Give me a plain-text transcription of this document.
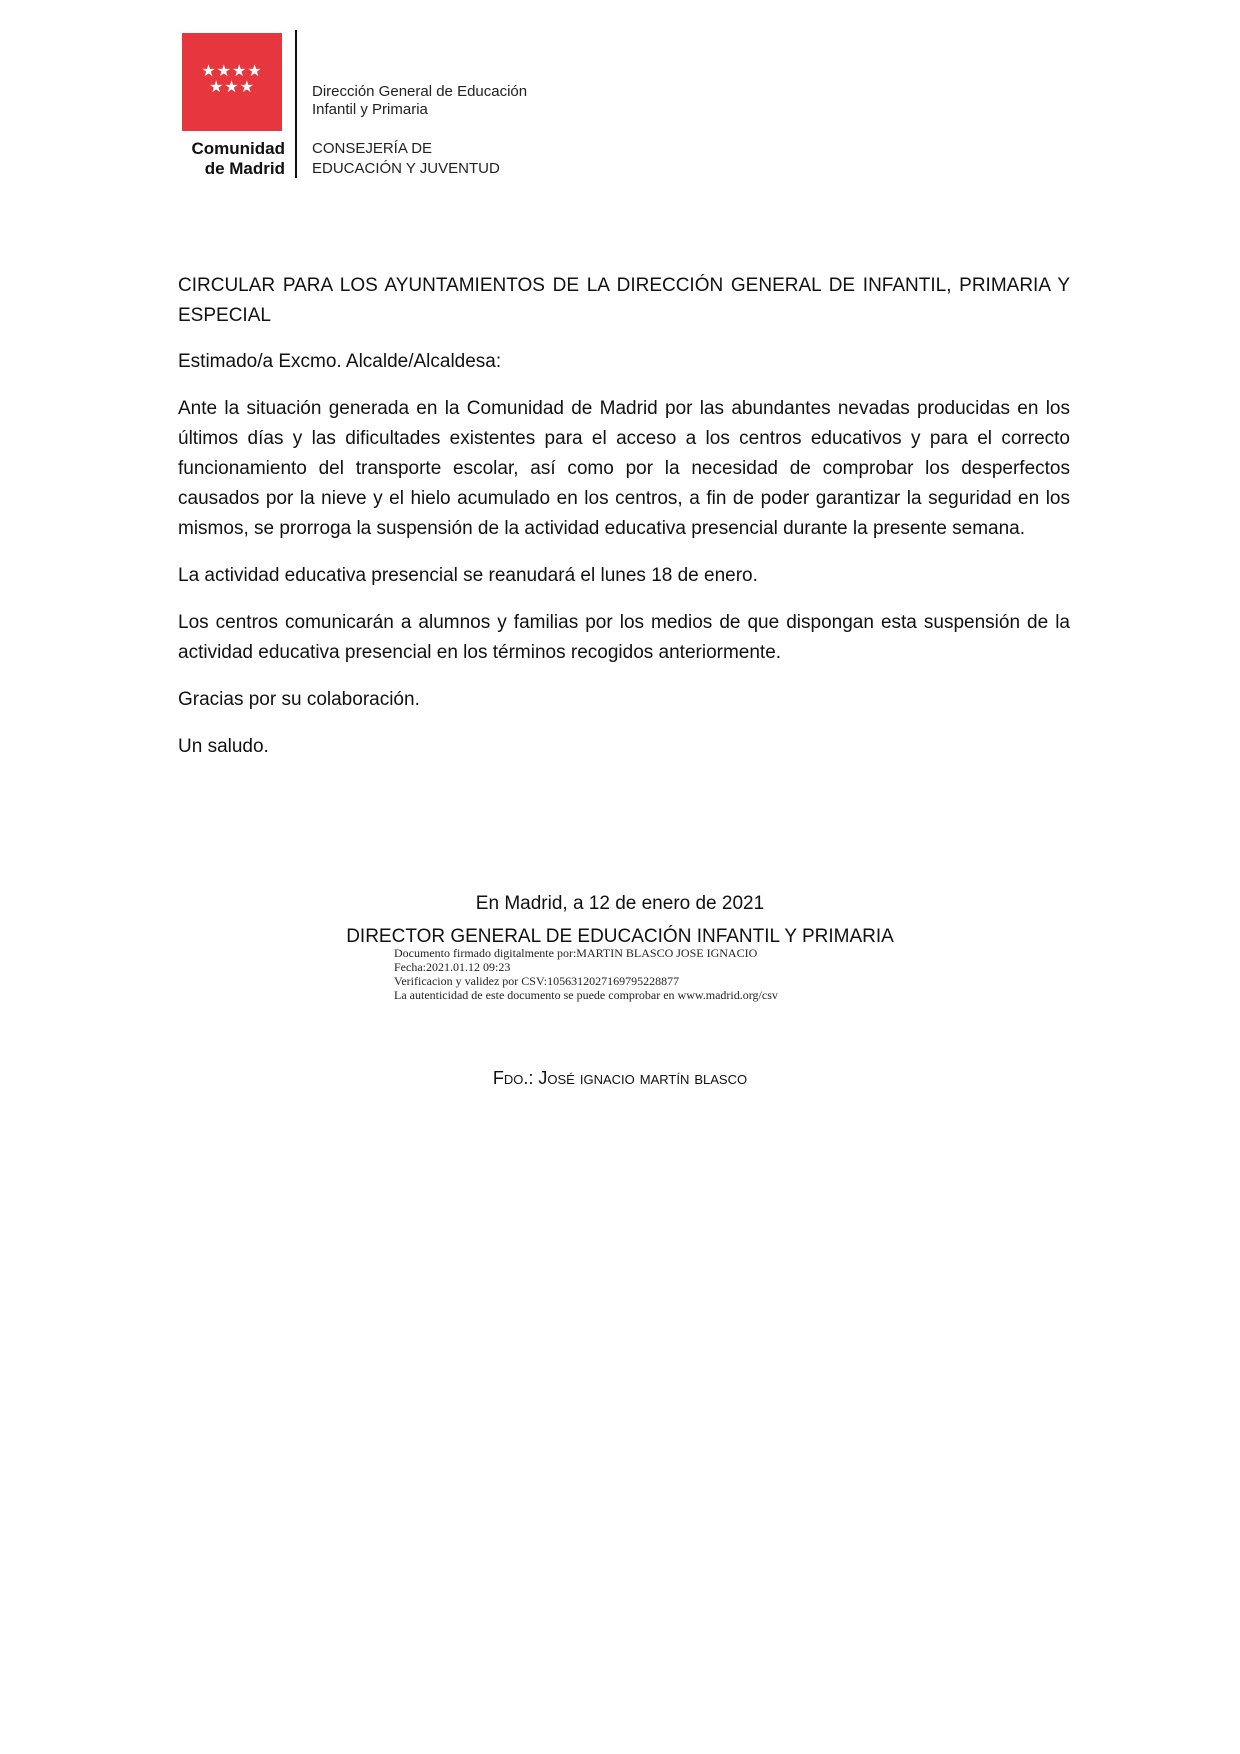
★★★★
★★★
Comunidad
de Madrid
Dirección General de Educación
Infantil y Primaria
CONSEJERÍA DE
EDUCACIÓN Y JUVENTUD

CIRCULAR PARA LOS AYUNTAMIENTOS DE LA DIRECCIÓN GENERAL DE INFANTIL, PRIMARIA Y ESPECIAL

Estimado/a Excmo. Alcalde/Alcaldesa:

Ante la situación generada en la Comunidad de Madrid por las abundantes nevadas producidas en los últimos días y las dificultades existentes para el acceso a los centros educativos y para el correcto funcionamiento del transporte escolar, así como por la necesidad de comprobar los desperfectos causados por la nieve y el hielo acumulado en los centros, a fin de poder garantizar la seguridad en los mismos, se prorroga la suspensión de la actividad educativa presencial durante la presente semana.

La actividad educativa presencial se reanudará el lunes 18 de enero.

Los centros comunicarán a alumnos y familias por los medios de que dispongan esta suspensión de la actividad educativa presencial en los términos recogidos anteriormente.

Gracias por su colaboración.

Un saludo.

En Madrid, a 12 de enero de 2021
DIRECTOR GENERAL DE EDUCACIÓN INFANTIL Y PRIMARIA
Documento firmado digitalmente por:MARTIN BLASCO JOSE IGNACIO
Fecha:2021.01.12 09:23
Verificacion y validez por CSV:1056312027169795228877
La autenticidad de este documento se puede comprobar en www.madrid.org/csv
Fdo.: José ignacio martín blasco
